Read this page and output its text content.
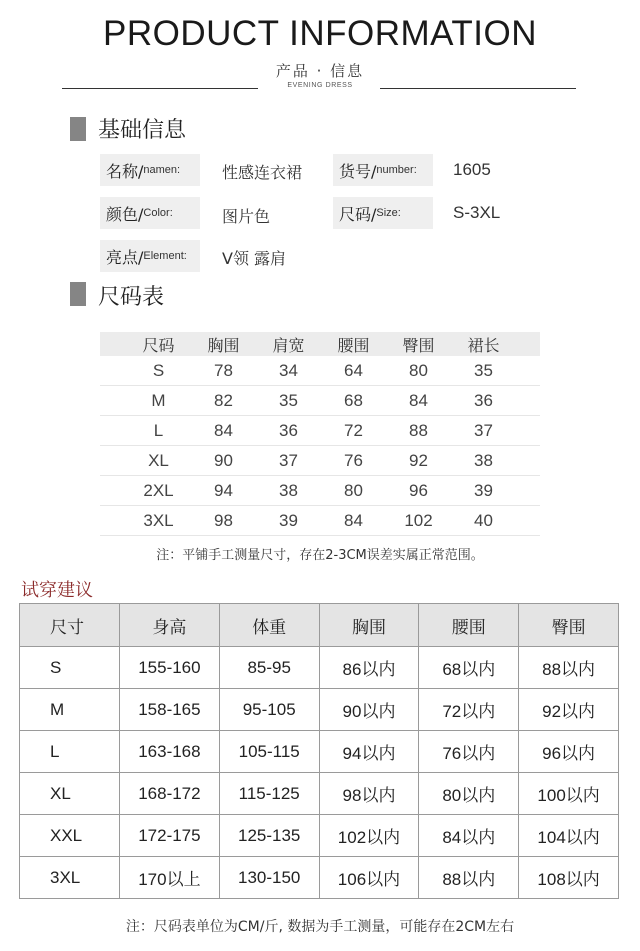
PRODUCT INFORMATION
产品 · 信息
EVENING DRESS
基础信息
名称/ namen:	性感连衣裙 货号/ number: 1605
颜色/ Color:	图片色	尺码/ Size:	S-3XL
亮点/ Element: V领 露肩
尺码表
尺码	胸围	肩宽	腰围	臀围	裙长
S	78	34	64	80	35
M	82	35	68	84	36
L	84	36	72	88	37
XL	90	37	76	92	38
2XL	94	38	80	96	39
3XL	98	39	84	102	40
注：平铺手工测量尺寸，存在2-3CM误差实属正常范围。
试穿建议
尺寸	身高	体重	胸围	腰围	臀围
S	155-160	85-95	86以内	68以内	88以内
M	158-165	95-105	90以内	72以内	92以内
L	163-168	105-115	94以内	76以内	96以内
XL	168-172	115-125	98以内	80以内	100以内
XXL	172-175	125-135	102以内	84以内	104以内
3XL	170以上	130-150	106以内	88以内	108以内
注：尺码表单位为CM/斤, 数据为手工测量，可能存在2CM左右
